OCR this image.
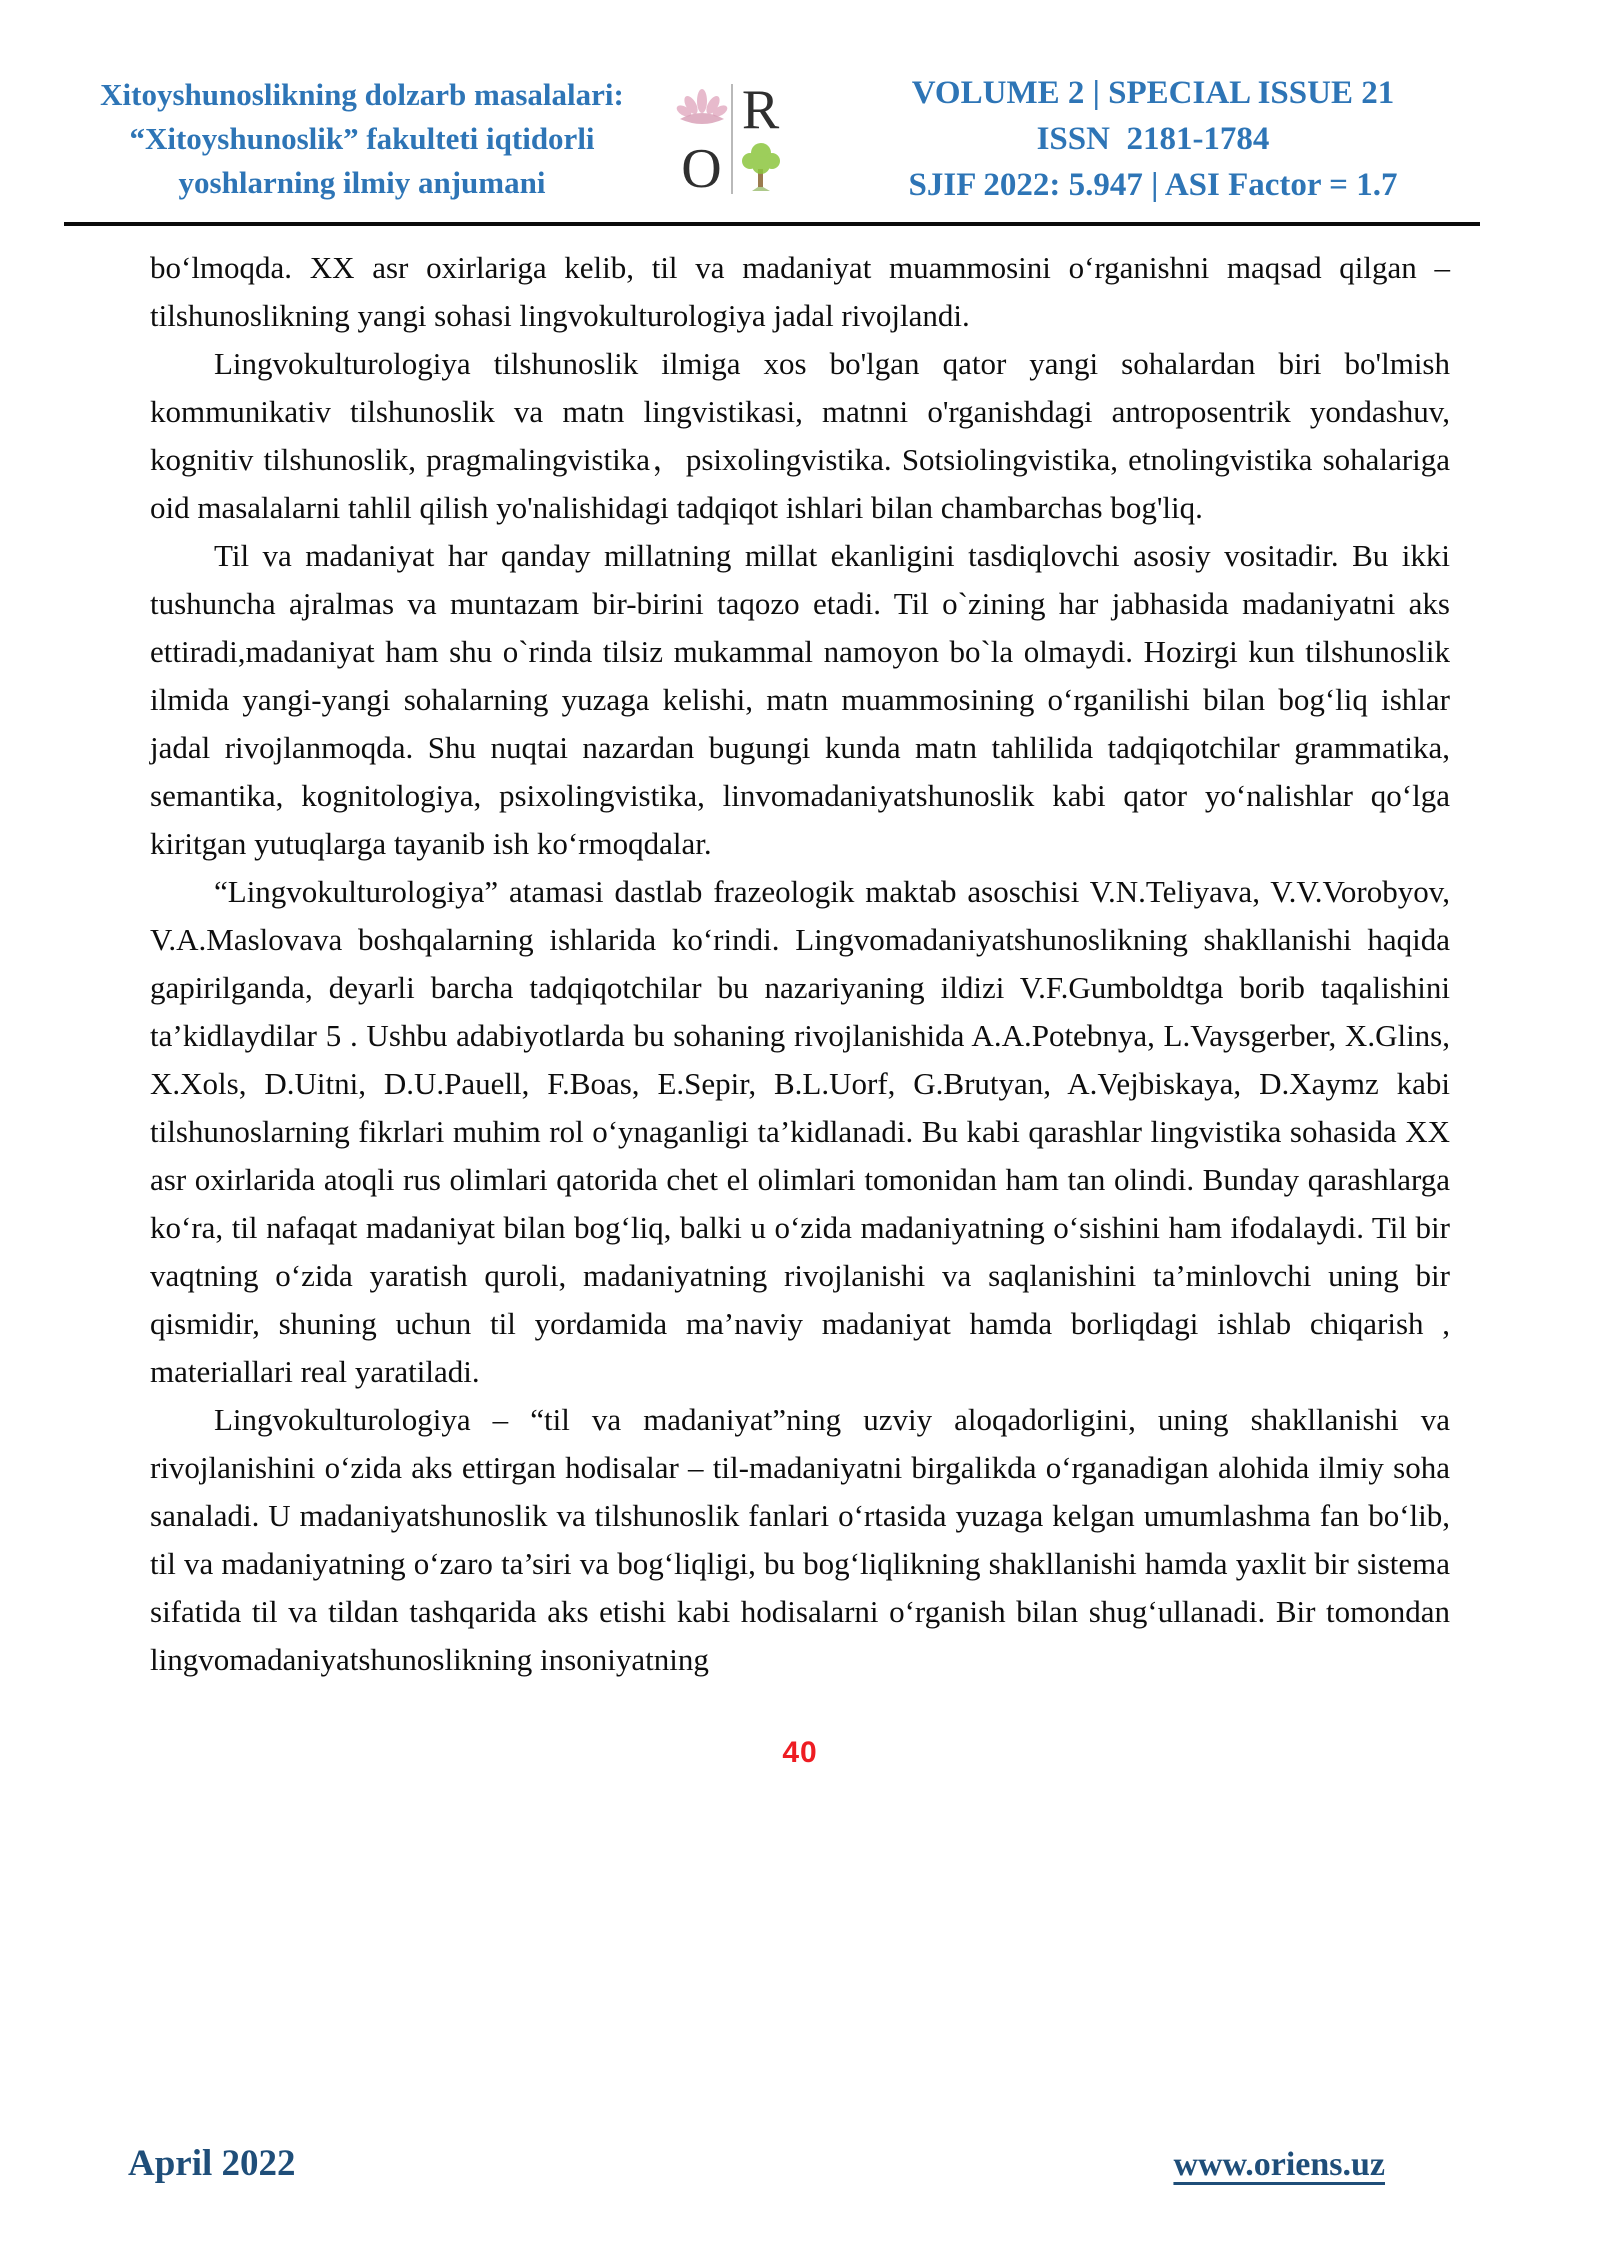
Xitoyshunoslikning dolzarb masalalari:
“Xitoyshunoslik” fakulteti iqtidorli
yoshlarning ilmiy anjumani
R
O
VOLUME 2 | SPECIAL ISSUE 21
ISSN  2181-1784
SJIF 2022: 5.947 | ASI Factor = 1.7

boʻlmoqda. XX asr oxirlariga kelib, til va madaniyat muammosini oʻrganishni maqsad qilgan – tilshunoslikning yangi sohasi lingvokulturologiya jadal rivojlandi.

Lingvokulturologiya tilshunoslik ilmiga xos bo'lgan qator yangi sohalardan biri bo'lmish kommunikativ tilshunoslik va matn lingvistikasi, matnni o'rganishdagi antroposentrik yondashuv, kognitiv tilshunoslik, pragmalingvistika，psixolingvistika. Sotsiolingvistika, etnolingvistika sohalariga oid masalalarni tahlil qilish yo'nalishidagi tadqiqot ishlari bilan chambarchas bog'liq.

Til va madaniyat har qanday millatning millat ekanligini tasdiqlovchi asosiy vositadir. Bu ikki tushuncha ajralmas va muntazam bir-birini taqozo etadi. Til o`zining har jabhasida madaniyatni aks ettiradi,madaniyat ham shu o`rinda tilsiz mukammal namoyon bo`la olmaydi. Hozirgi kun tilshunoslik ilmida yangi-yangi sohalarning yuzaga kelishi, matn muammosining oʻrganilishi bilan bogʻliq ishlar jadal rivojlanmoqda. Shu nuqtai nazardan bugungi kunda matn tahlilida tadqiqotchilar grammatika, semantika, kognitologiya, psixolingvistika, linvomadaniyatshunoslik kabi qator yoʻnalishlar qoʻlga kiritgan yutuqlarga tayanib ish koʻrmoqdalar.

“Lingvokulturologiya” atamasi dastlab frazeologik maktab asoschisi V.N.Teliyava, V.V.Vorobyov, V.A.Maslovava boshqalarning ishlarida koʻrindi. Lingvomadaniyatshunoslikning shakllanishi haqida gapirilganda, deyarli barcha tadqiqotchilar bu nazariyaning ildizi V.F.Gumboldtga borib taqalishini ta’kidlaydilar 5 . Ushbu adabiyotlarda bu sohaning rivojlanishida A.A.Potebnya, L.Vaysgerber, X.Glins, X.Xols, D.Uitni, D.U.Pauell, F.Boas, E.Sepir, B.L.Uorf, G.Brutyan, A.Vejbiskaya, D.Xaymz kabi tilshunoslarning fikrlari muhim rol oʻynaganligi ta’kidlanadi. Bu kabi qarashlar lingvistika sohasida XX asr oxirlarida atoqli rus olimlari qatorida chet el olimlari tomonidan ham tan olindi. Bunday qarashlarga koʻra, til nafaqat madaniyat bilan bogʻliq, balki u oʻzida madaniyatning oʻsishini ham ifodalaydi. Til bir vaqtning oʻzida yaratish quroli, madaniyatning rivojlanishi va saqlanishini ta’minlovchi uning bir qismidir, shuning uchun til yordamida ma’naviy madaniyat hamda borliqdagi ishlab chiqarish , materiallari real yaratiladi.

Lingvokulturologiya – “til va madaniyat”ning uzviy aloqadorligini, uning shakllanishi va rivojlanishini oʻzida aks ettirgan hodisalar – til-madaniyatni birgalikda oʻrganadigan alohida ilmiy soha sanaladi. U madaniyatshunoslik va tilshunoslik fanlari oʻrtasida yuzaga kelgan umumlashma fan boʻlib, til va madaniyatning oʻzaro ta’siri va bogʻliqligi, bu bogʻliqlikning shakllanishi hamda yaxlit bir sistema sifatida til va tildan tashqarida aks etishi kabi hodisalarni oʻrganish bilan shugʻullanadi. Bir tomondan lingvomadaniyatshunoslikning insoniyatning

40
April 2022	www.oriens.uz
